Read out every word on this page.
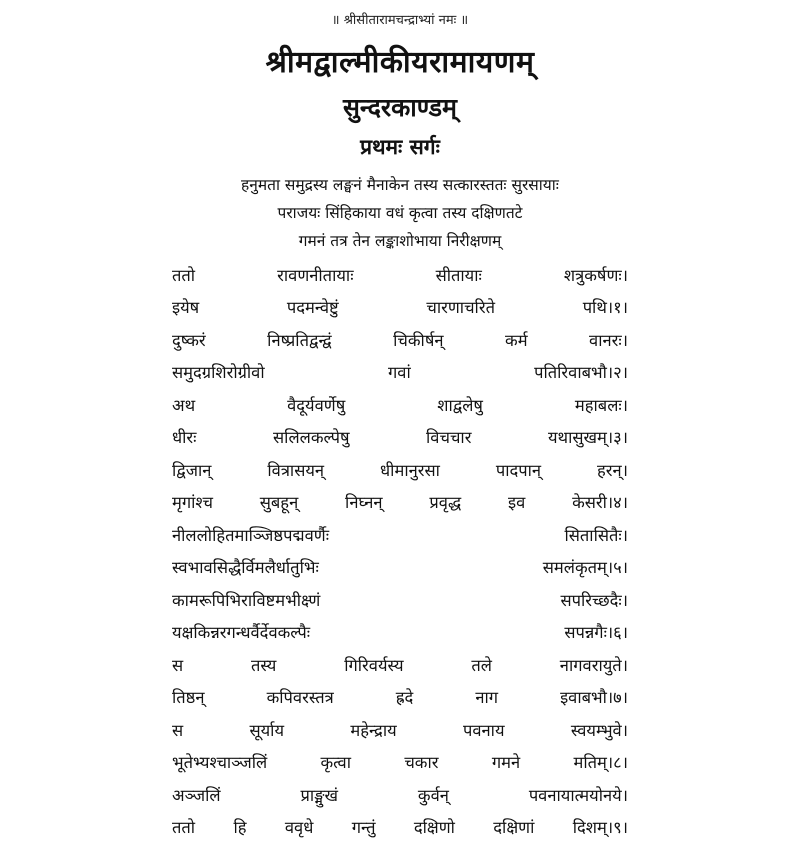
॥ श्रीसीतारामचन्द्राभ्यां नमः ॥
श्रीमद्वाल्मीकीयरामायणम्
सुन्दरकाण्डम्
प्रथमः सर्गः
हनुमता समुद्रस्य लङ्घनं मैनाकेन तस्य सत्कारस्ततः सुरसायाः
पराजयः सिंहिकाया वधं कृत्वा तस्य दक्षिणतटे
गमनं तत्र तेन लङ्काशोभाया निरीक्षणम्
ततो	रावणनीतायाः	सीतायाः	शत्रुकर्षणः।
इयेष	पदमन्वेष्टुं	चारणाचरिते	पथि।१।
दुष्करं	निष्प्रतिद्वन्द्वं	चिकीर्षन्	कर्म	वानरः।
समुदग्रशिरोग्रीवो	गवां	पतिरिवाबभौ।२।
अथ	वैदूर्यवर्णेषु	शाद्वलेषु	महाबलः।
धीरः	सलिलकल्पेषु	विचचार	यथासुखम्।३।
द्विजान्	वित्रासयन्	धीमानुरसा	पादपान्	हरन्।
मृगांश्च	सुबहून्	निघ्नन्	प्रवृद्ध	इव	केसरी।४।
नीललोहितमाञ्जिष्ठपद्मवर्णैः	सितासितैः।
स्वभावसिद्धैर्विमलैर्धातुभिः	समलंकृतम्।५।
कामरूपिभिराविष्टमभीक्ष्णं	सपरिच्छदैः।
यक्षकिन्नरगन्धर्वैर्देवकल्पैः	सपन्नगैः।६।
स	तस्य	गिरिवर्यस्य	तले	नागवरायुते।
तिष्ठन्	कपिवरस्तत्र	ह्रदे	नाग	इवाबभौ।७।
स	सूर्याय	महेन्द्राय	पवनाय	स्वयम्भुवे।
भूतेभ्यश्चाञ्जलिं	कृत्वा	चकार	गमने	मतिम्।८।
अञ्जलिं	प्राङ्मुखं	कुर्वन्	पवनायात्मयोनये।
ततो हि ववृधे गन्तुं दक्षिणो दक्षिणां दिशम्।९।
